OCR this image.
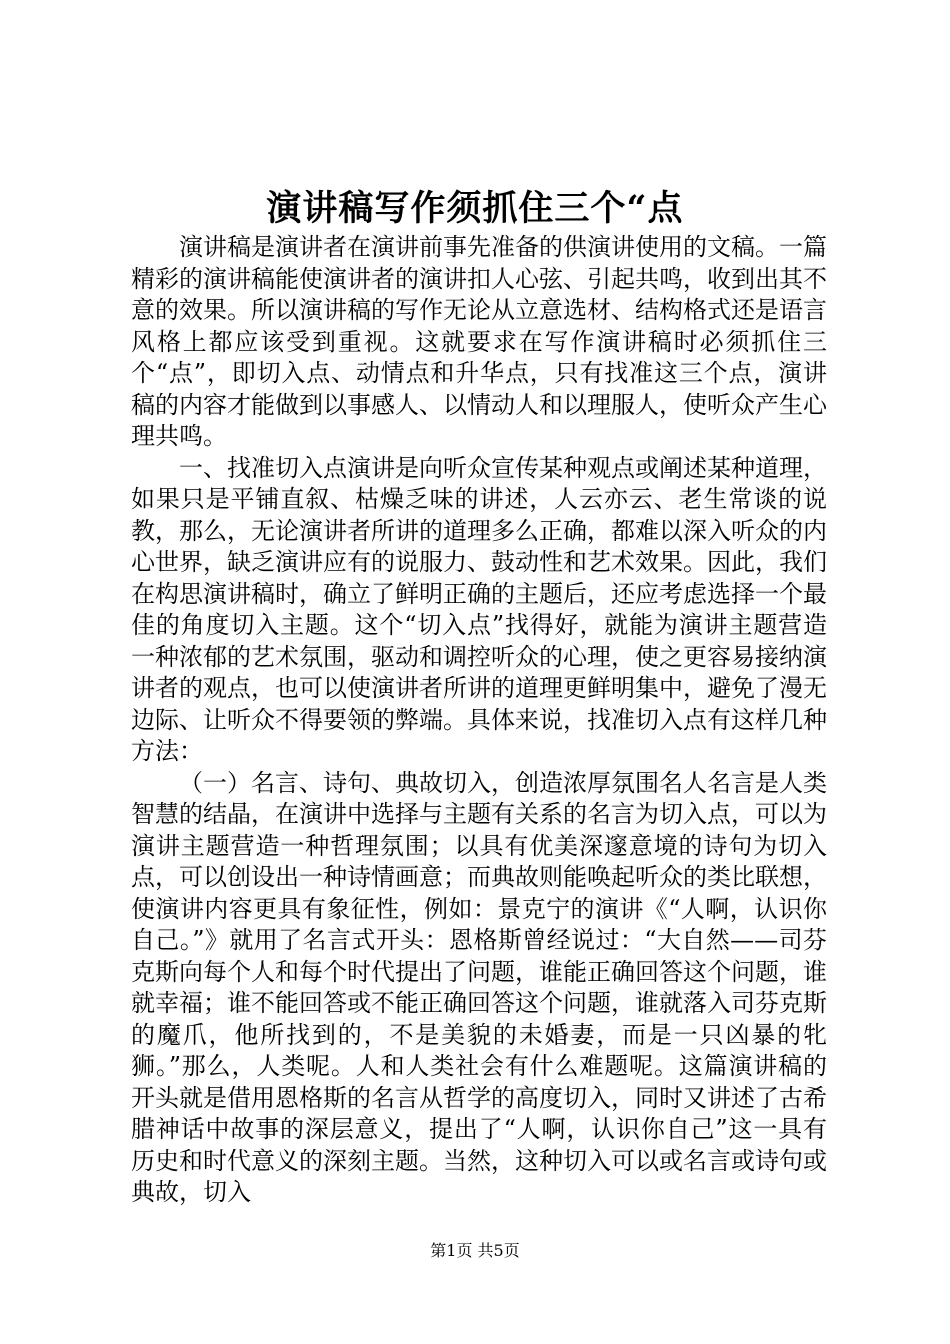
演讲稿写作须抓住三个“点

演讲稿是演讲者在演讲前事先准备的供演讲使用的文稿。一篇精彩的演讲稿能使演讲者的演讲扣人心弦、引起共鸣，收到出其不意的效果。所以演讲稿的写作无论从立意选材、结构格式还是语言风格上都应该受到重视。这就要求在写作演讲稿时必须抓住三个“点”，即切入点、动情点和升华点，只有找准这三个点，演讲稿的内容才能做到以事感人、以情动人和以理服人，使听众产生心理共鸣。

一、找准切入点演讲是向听众宣传某种观点或阐述某种道理，如果只是平铺直叙、枯燥乏味的讲述，人云亦云、老生常谈的说教，那么，无论演讲者所讲的道理多么正确，都难以深入听众的内心世界，缺乏演讲应有的说服力、鼓动性和艺术效果。因此，我们在构思演讲稿时，确立了鲜明正确的主题后，还应考虑选择一个最佳的角度切入主题。这个“切入点”找得好，就能为演讲主题营造一种浓郁的艺术氛围，驱动和调控听众的心理，使之更容易接纳演讲者的观点，也可以使演讲者所讲的道理更鲜明集中，避免了漫无边际、让听众不得要领的弊端。具体来说，找准切入点有这样几种方法：

（一）名言、诗句、典故切入，创造浓厚氛围名人名言是人类智慧的结晶，在演讲中选择与主题有关系的名言为切入点，可以为演讲主题营造一种哲理氛围；以具有优美深邃意境的诗句为切入点，可以创设出一种诗情画意；而典故则能唤起听众的类比联想，使演讲内容更具有象征性，例如：景克宁的演讲《“人啊，认识你自己。”》就用了名言式开头：恩格斯曾经说过：“大自然——司芬克斯向每个人和每个时代提出了问题，谁能正确回答这个问题，谁就幸福；谁不能回答或不能正确回答这个问题，谁就落入司芬克斯的魔爪，他所找到的，不是美貌的未婚妻，而是一只凶暴的牝狮。”那么，人类呢。人和人类社会有什么难题呢。这篇演讲稿的开头就是借用恩格斯的名言从哲学的高度切入，同时又讲述了古希腊神话中故事的深层意义，提出了“人啊，认识你自己”这一具有历史和时代意义的深刻主题。当然，这种切入可以或名言或诗句或典故，切入

第1页 共5页
